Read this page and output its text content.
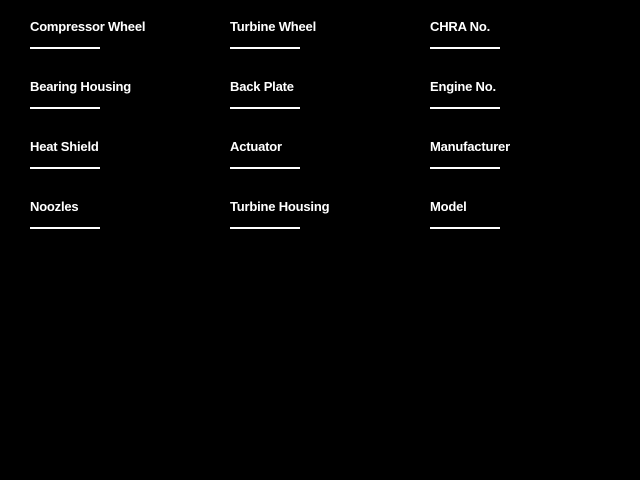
Compressor Wheel	Turbine Wheel	CHRA No.
Bearing Housing	Back Plate	Engine No.
Heat Shield	Actuator	Manufacturer
Noozles	Turbine Housing	Model
